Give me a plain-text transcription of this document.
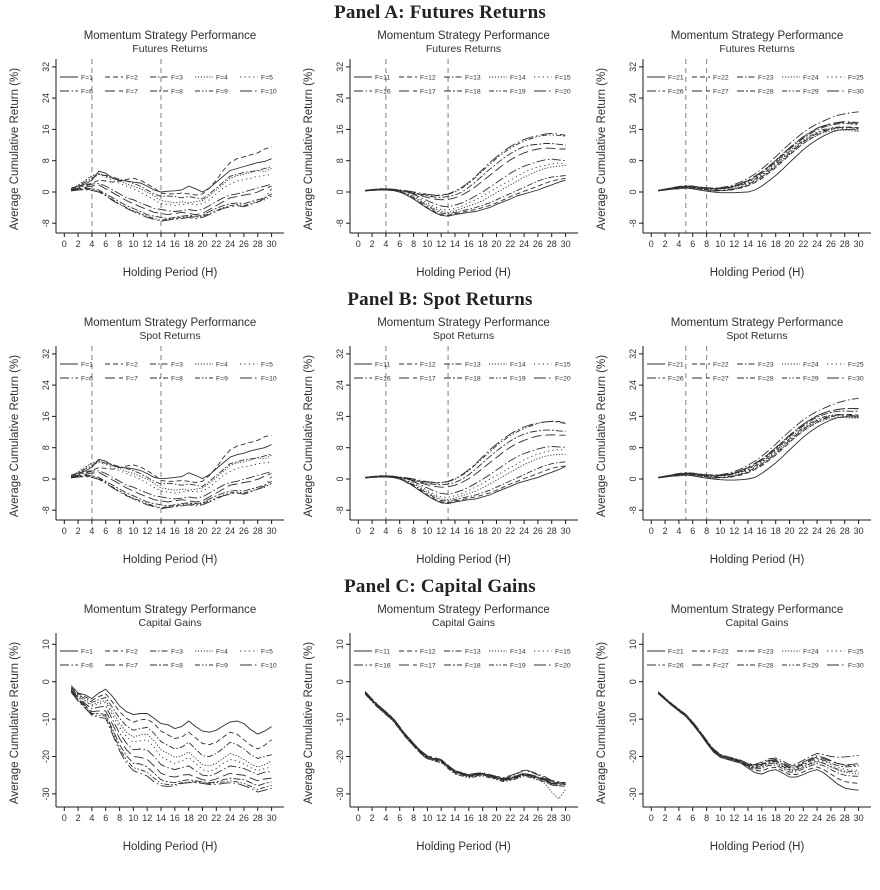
Panel A: Futures Returns
Momentum Strategy Performance
Futures Returns
Average Cumulative Return (%)
32
24
16
8
0
-8
0 2 4 6 8 10 12 14 16 18 20 22 24 26 28 30
F=1	F=2	F=3	F=4	F=5
F=6	F=7	F=8	F=9	F=10
Holding Period (H)
Momentum Strategy Performance
Futures Returns
Average Cumulative Return (%)
32
24
16
8
0
-8
0 2 4 6 8 10 12 14 16 18 20 22 24 26 28 30
F=11	F=12	F=13	F=14	F=15
F=16	F=17	F=18	F=19	F=20
Holding Period (H)
Momentum Strategy Performance
Futures Returns
Average Cumulative Return (%)
32
24
16
8
0
-8
0 2 4 6 8 10 12 14 16 18 20 22 24 26 28 30
F=21	F=22	F=23	F=24	F=25
F=26	F=27	F=28	F=29	F=30
Holding Period (H)
Panel B: Spot Returns
Momentum Strategy Performance
Spot Returns
Average Cumulative Return (%)
32
24
16
8
0
-8
0 2 4 6 8 10 12 14 16 18 20 22 24 26 28 30
F=1	F=2	F=3	F=4	F=5
F=6	F=7	F=8	F=9	F=10
Holding Period (H)
Momentum Strategy Performance
Spot Returns
Average Cumulative Return (%)
32
24
16
8
0
-8
0 2 4 6 8 10 12 14 16 18 20 22 24 26 28 30
F=11	F=12	F=13	F=14	F=15
F=16	F=17	F=18	F=19	F=20
Holding Period (H)
Momentum Strategy Performance
Spot Returns
Average Cumulative Return (%)
32
24
16
8
0
-8
0 2 4 6 8 10 12 14 16 18 20 22 24 26 28 30
F=21	F=22	F=23	F=24	F=25
F=26	F=27	F=28	F=29	F=30
Holding Period (H)
Panel C: Capital Gains
Momentum Strategy Performance
Capital Gains
Average Cumulative Return (%) 10
0
-10
-20
-30
0 2 4 6 8 10 12 14 16 18 20 22 24 26 28 30
F=1	F=2	F=3	F=4	F=5
F=6	F=7	F=8	F=9	F=10
Holding Period (H)
Momentum Strategy Performance
Capital Gains
Average Cumulative Return (%) 10
0
-10
-20
-30
0 2 4 6 8 10 12 14 16 18 20 22 24 26 28 30
F=11	F=12	F=13	F=14	F=15
F=16	F=17	F=18	F=19	F=20
Holding Period (H)
Momentum Strategy Performance
Capital Gains
Average Cumulative Return (%) 10
0
-10
-20
-30
0 2 4 6 8 10 12 14 16 18 20 22 24 26 28 30
F=21	F=22	F=23	F=24	F=25
F=26	F=27	F=28	F=29	F=30
Holding Period (H)
